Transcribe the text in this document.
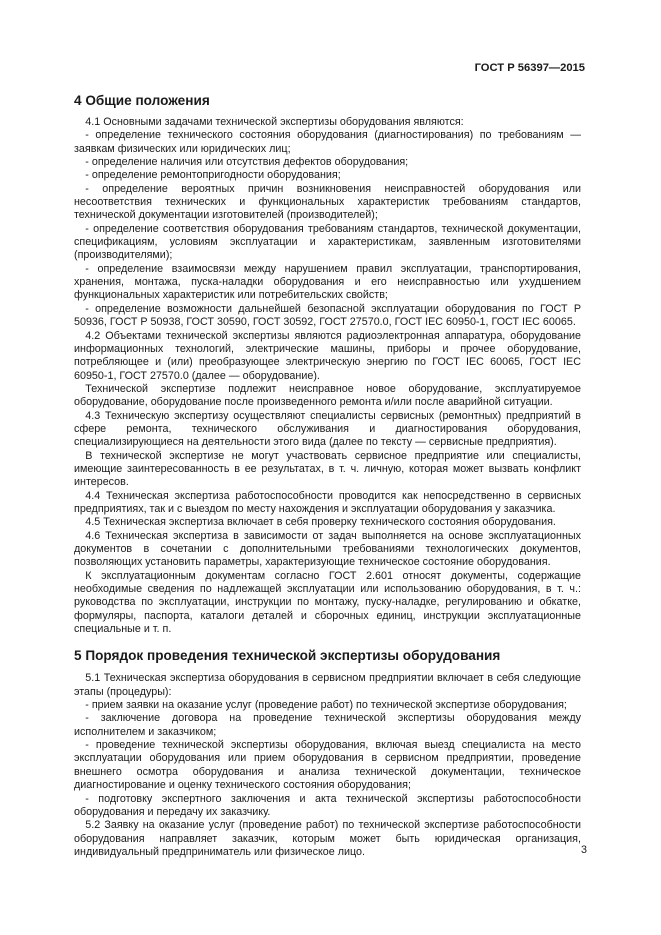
ГОСТ Р 56397—2015
4 Общие положения

4.1 Основными задачами технической экспертизы оборудования являются:

- определение технического состояния оборудования (диагностирования) по требованиям — заявкам физических или юридических лиц;

- определение наличия или отсутствия дефектов оборудования;

- определение ремонтопригодности оборудования;

- определение вероятных причин возникновения неисправностей оборудования или несоответствия технических и функциональных характеристик требованиям стандартов, технической документации изготовителей (производителей);

- определение соответствия оборудования требованиям стандартов, технической документации, спецификациям, условиям эксплуатации и характеристикам, заявленным изготовителями (производителями);

- определение взаимосвязи между нарушением правил эксплуатации, транспортирования, хранения, монтажа, пуска-наладки оборудования и его неисправностью или ухудшением функциональных характеристик или потребительских свойств;

- определение возможности дальнейшей безопасной эксплуатации оборудования по ГОСТ Р 50936, ГОСТ Р 50938, ГОСТ 30590, ГОСТ 30592, ГОСТ 27570.0, ГОСТ IEC 60950-1, ГОСТ IEC 60065.

4.2 Объектами технической экспертизы являются радиоэлектронная аппаратура, оборудование информационных технологий, электрические машины, приборы и прочее оборудование, потребляющее и (или) преобразующее электрическую энергию по ГОСТ IEC 60065, ГОСТ IEC 60950-1, ГОСТ 27570.0 (далее — оборудование).

Технической экспертизе подлежит неисправное новое оборудование, эксплуатируемое оборудование, оборудование после произведенного ремонта и/или после аварийной ситуации.

4.3 Техническую экспертизу осуществляют специалисты сервисных (ремонтных) предприятий в сфере ремонта, технического обслуживания и диагностирования оборудования, специализирующиеся на деятельности этого вида (далее по тексту — сервисные предприятия).

В технической экспертизе не могут участвовать сервисное предприятие или специалисты, имеющие заинтересованность в ее результатах, в т. ч. личную, которая может вызвать конфликт интересов.

4.4 Техническая экспертиза работоспособности проводится как непосредственно в сервисных предприятиях, так и с выездом по месту нахождения и эксплуатации оборудования у заказчика.

4.5 Техническая экспертиза включает в себя проверку технического состояния оборудования.

4.6 Техническая экспертиза в зависимости от задач выполняется на основе эксплуатационных документов в сочетании с дополнительными требованиями технологических документов, позволяющих установить параметры, характеризующие техническое состояние оборудования.

К эксплуатационным документам согласно ГОСТ 2.601 относят документы, содержащие необходимые сведения по надлежащей эксплуатации или использованию оборудования, в т. ч.: руководства по эксплуатации, инструкции по монтажу, пуску-наладке, регулированию и обкатке, формуляры, паспорта, каталоги деталей и сборочных единиц, инструкции эксплуатационные специальные и т. п.

5 Порядок проведения технической экспертизы оборудования

5.1 Техническая экспертиза оборудования в сервисном предприятии включает в себя следующие этапы (процедуры):

- прием заявки на оказание услуг (проведение работ) по технической экспертизе оборудования;

- заключение договора на проведение технической экспертизы оборудования между исполнителем и заказчиком;

- проведение технической экспертизы оборудования, включая выезд специалиста на место эксплуатации оборудования или прием оборудования в сервисном предприятии, проведение внешнего осмотра оборудования и анализа технической документации, техническое диагностирование и оценку технического состояния оборудования;

- подготовку экспертного заключения и акта технической экспертизы работоспособности оборудования и передачу их заказчику.

5.2 Заявку на оказание услуг (проведение работ) по технической экспертизе работоспособности оборудования направляет заказчик, которым может быть юридическая организация, индивидуальный предприниматель или физическое лицо.	3
